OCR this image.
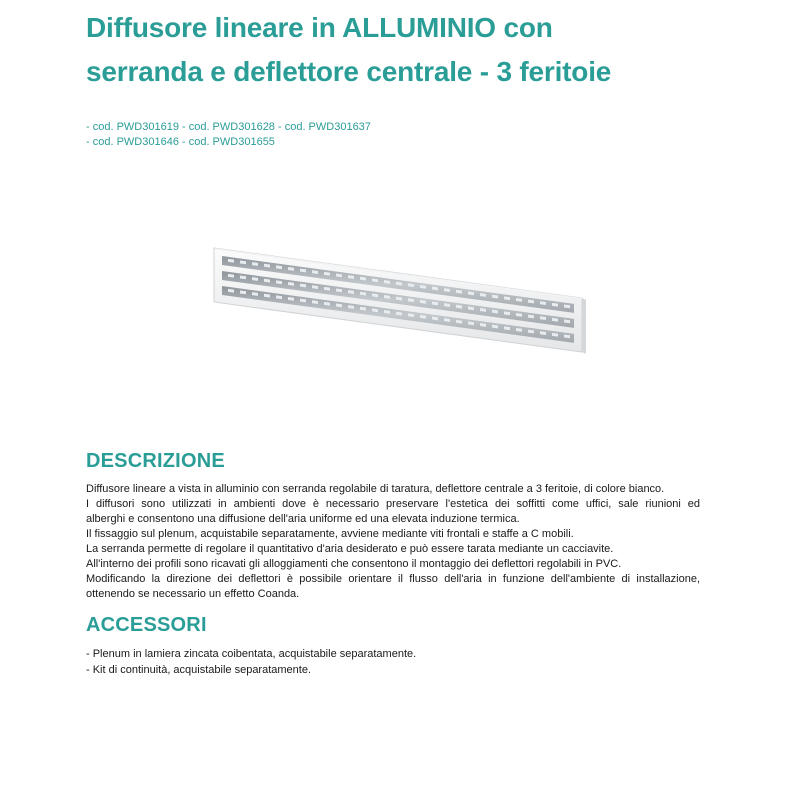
Diffusore lineare in ALLUMINIO con
serranda e deflettore centrale - 3 feritoie

- cod. PWD301619 - cod. PWD301628 - cod. PWD301637
- cod. PWD301646 - cod. PWD301655

DESCRIZIONE
Diffusore lineare a vista in alluminio con serranda regolabile di taratura, deflettore centrale a 3 feritoie, di colore bianco.
I diffusori sono utilizzati in ambienti dove è necessario preservare l'estetica dei soffitti come uffici, sale riunioni ed
alberghi e consentono una diffusione dell'aria uniforme ed una elevata induzione termica.
Il fissaggio sul plenum, acquistabile separatamente, avviene mediante viti frontali e staffe a C mobili.
La serranda permette di regolare il quantitativo d'aria desiderato e può essere tarata mediante un cacciavite.
All'interno dei profili sono ricavati gli alloggiamenti che consentono il montaggio dei deflettori regolabili in PVC.
Modificando la direzione dei deflettori è possibile orientare il flusso dell'aria in funzione dell'ambiente di installazione,
ottenendo se necessario un effetto Coanda.
ACCESSORI
- Plenum in lamiera zincata coibentata, acquistabile separatamente.
- Kit di continuità, acquistabile separatamente.
